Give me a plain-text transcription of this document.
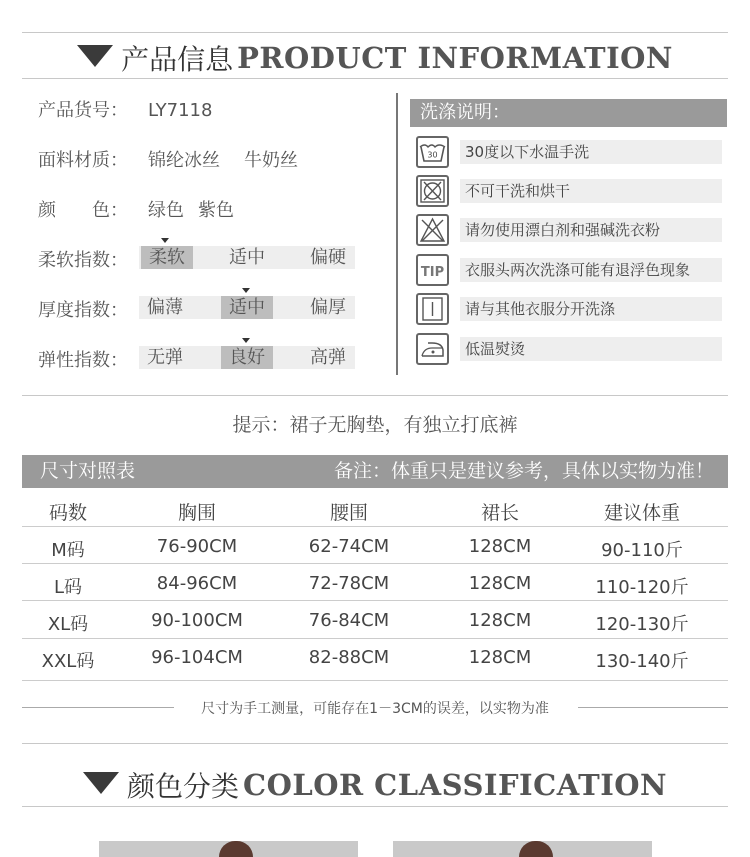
产品信息 PRODUCT INFORMATION
产品货号： LY7118
面料材质： 锦纶冰丝 牛奶丝
颜　　色： 绿色 紫色
柔软指数：	柔软	适中	偏硬
厚度指数：	偏薄	适中	偏厚
弹性指数：	无弹	良好	高弹
洗涤说明：
30	30度以下水温手洗
不可干洗和烘干
请勿使用漂白剂和强碱洗衣粉
TIP	衣服头两次洗涤可能有退浮色现象
请与其他衣服分开洗涤
低温熨烫
提示：裙子无胸垫，有独立打底裤
尺寸对照表	备注：体重只是建议参考，具体以实物为准！
码数	胸围	腰围	裙长	建议体重
M码	76-90CM	62-74CM	128CM	90-110斤
L码	84-96CM	72-78CM	128CM	110-120斤
XL码	90-100CM	76-84CM	128CM	120-130斤
XXL码	96-104CM	82-88CM	128CM	130-140斤
尺寸为手工测量，可能存在1－3CM的误差，以实物为准
颜色分类 COLOR CLASSIFICATION
